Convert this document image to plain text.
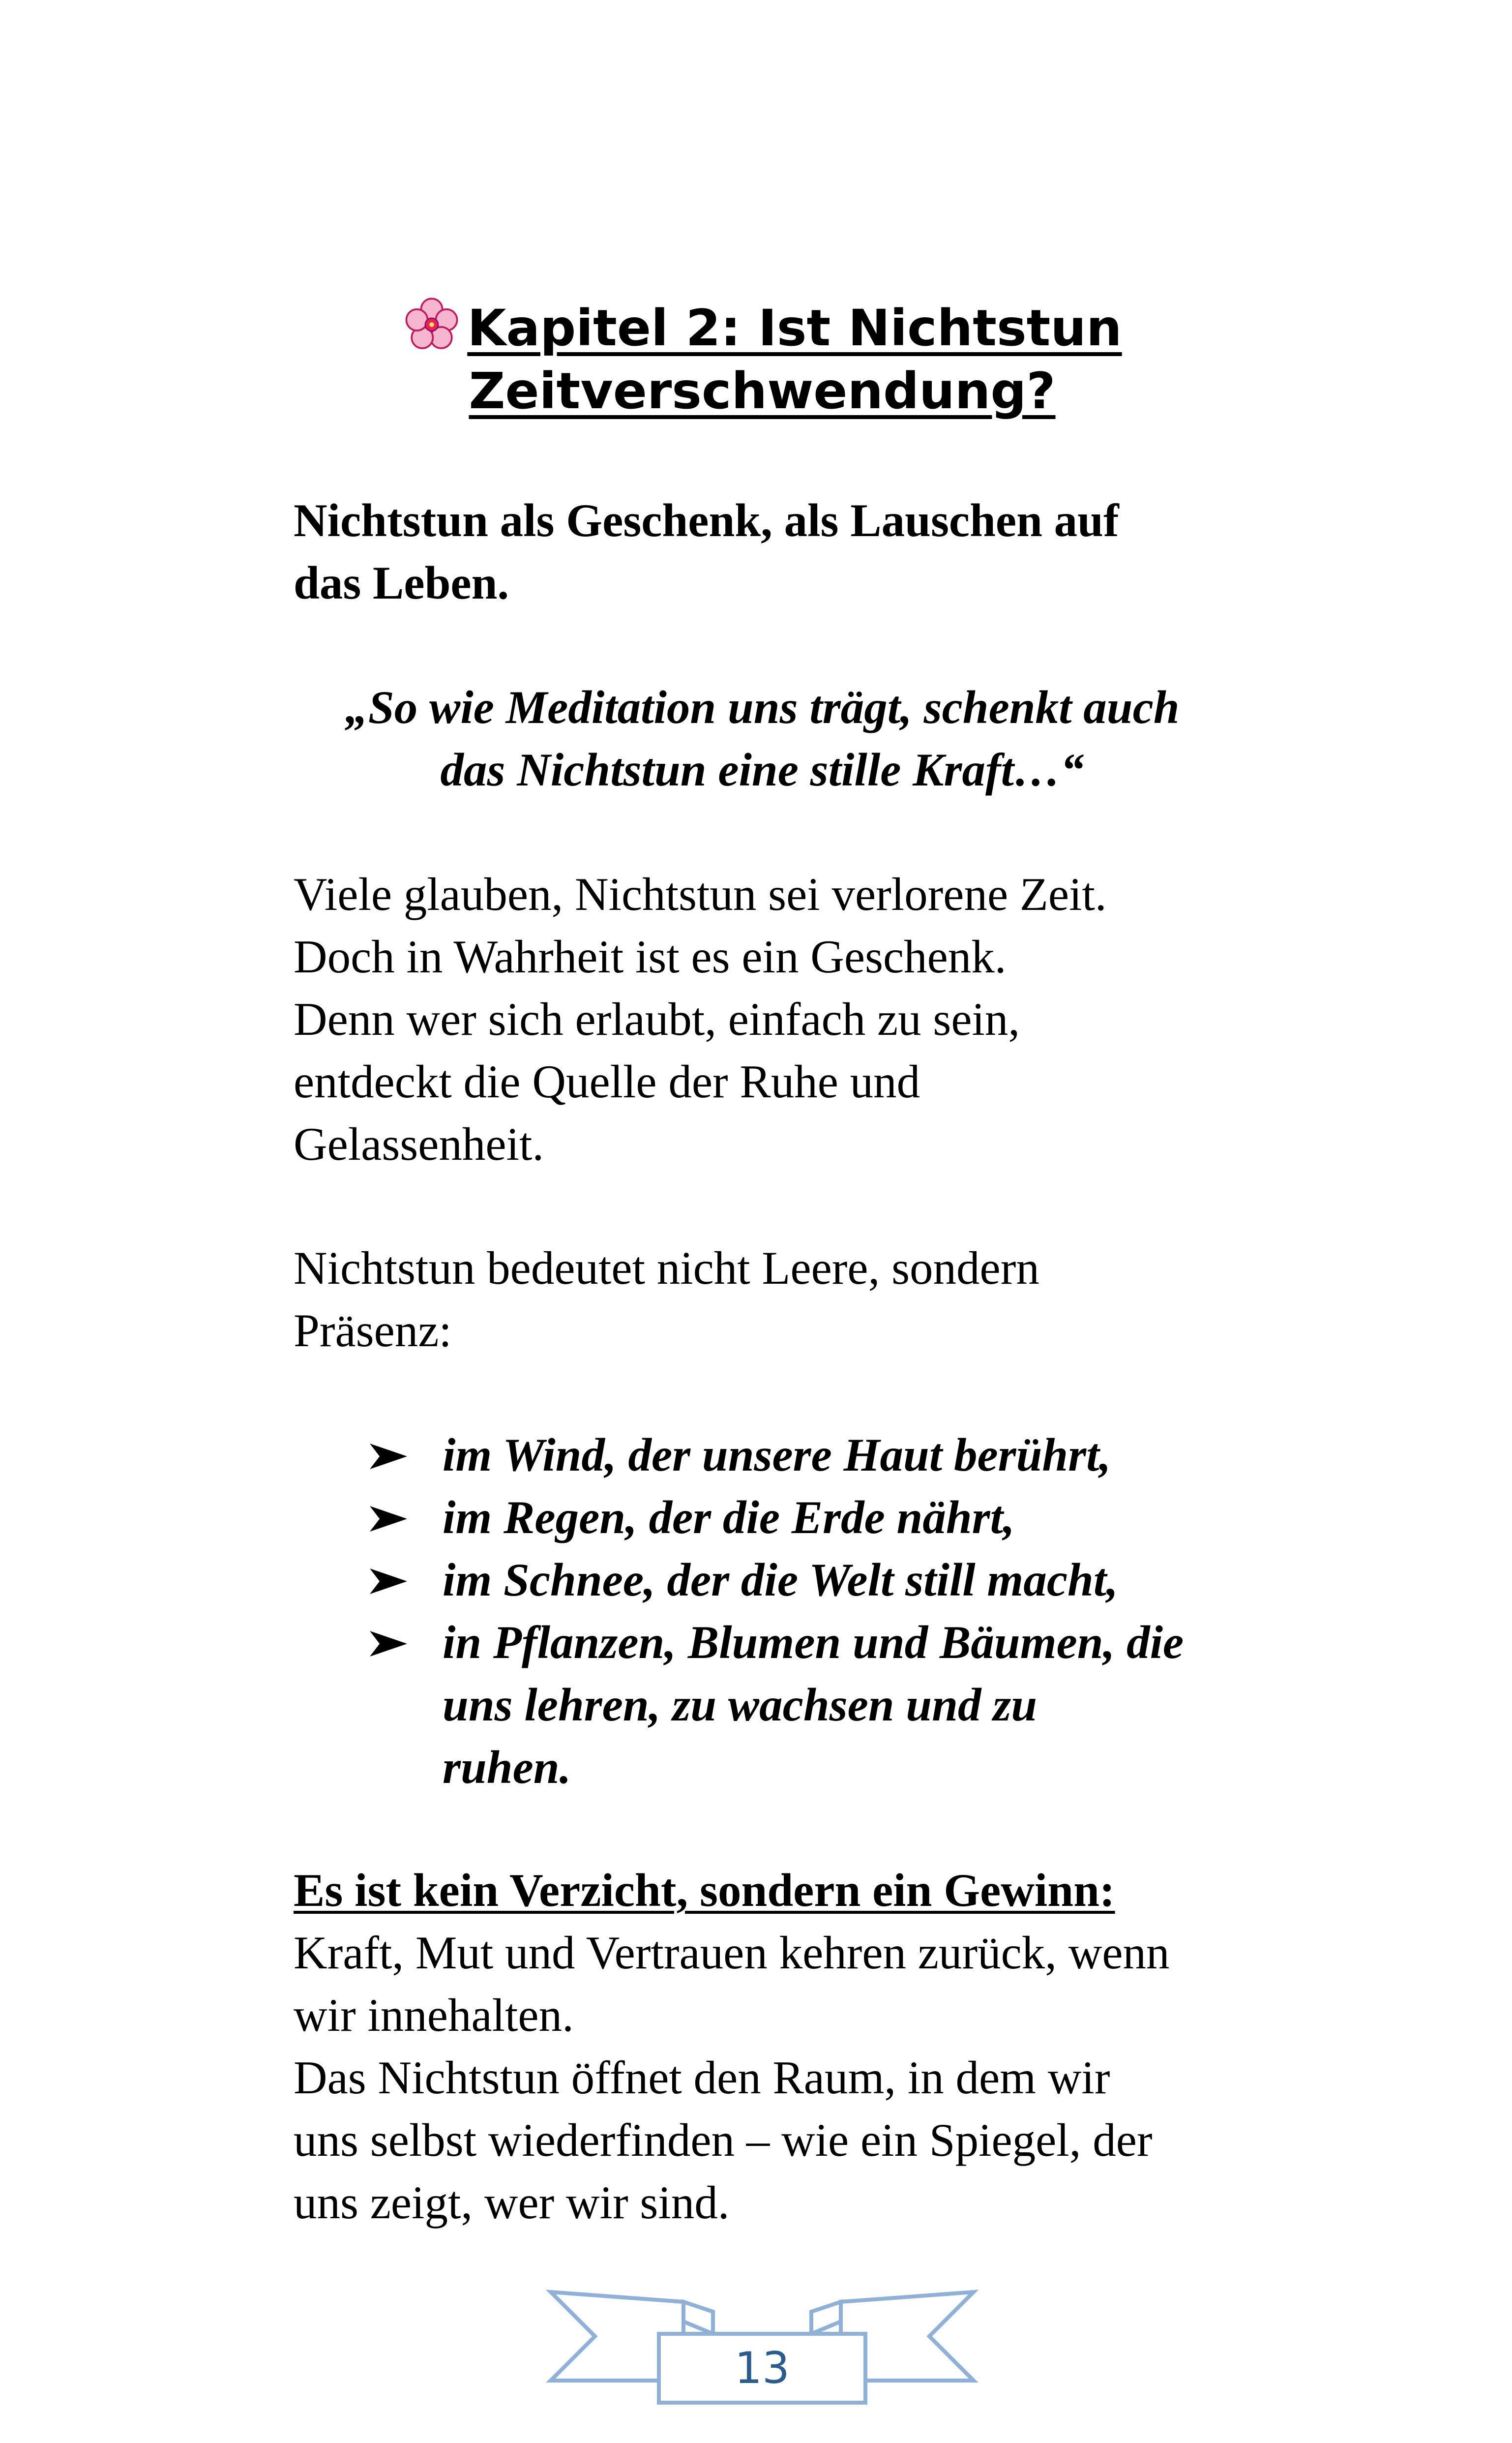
Kapitel 2: Ist Nichtstun
Zeitverschwendung?
Nichtstun als Geschenk, als Lauschen auf
das Leben.
„So wie Meditation uns trägt, schenkt auch
das Nichtstun eine stille Kraft…“
Viele glauben, Nichtstun sei verlorene Zeit.
Doch in Wahrheit ist es ein Geschenk.
Denn wer sich erlaubt, einfach zu sein,
entdeckt die Quelle der Ruhe und
Gelassenheit.
Nichtstun bedeutet nicht Leere, sondern
Präsenz:
im Wind, der unsere Haut berührt,
im Regen, der die Erde nährt,
im Schnee, der die Welt still macht,
in Pflanzen, Blumen und Bäumen, die
uns lehren, zu wachsen und zu
ruhen.
Es ist kein Verzicht, sondern ein Gewinn:
Kraft, Mut und Vertrauen kehren zurück, wenn
wir innehalten.
Das Nichtstun öffnet den Raum, in dem wir
uns selbst wiederfinden – wie ein Spiegel, der
uns zeigt, wer wir sind.
13
